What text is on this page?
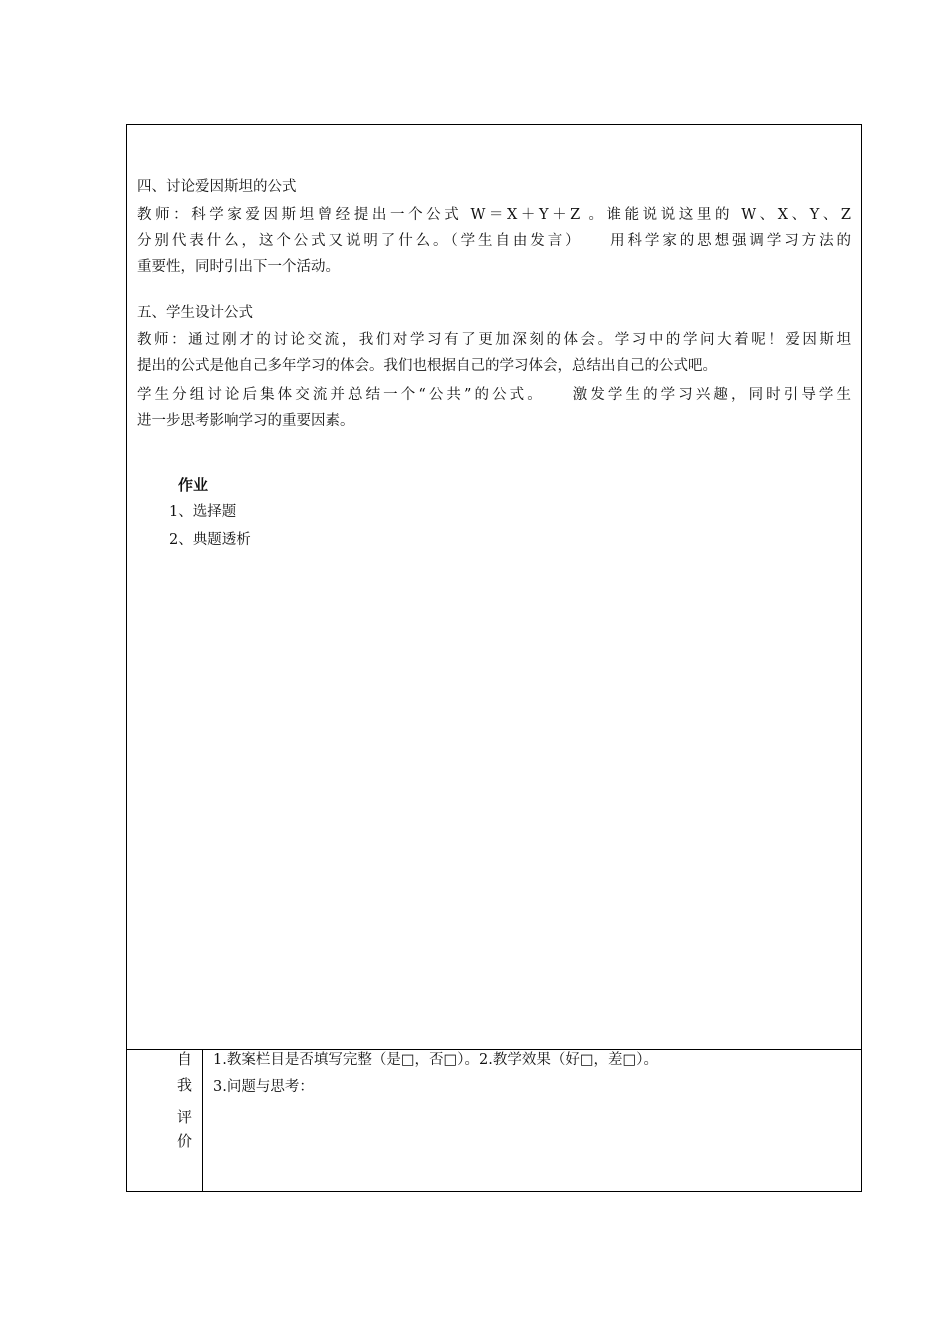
四、讨论爱因斯坦的公式
教师：科学家爱因斯坦曾经提出一个公式 W＝X＋Y＋Z 。谁能说说这里的 W、X、Y、Z
分别代表什么，这个公式又说明了什么。（学生自由发言）　　用科学家的思想强调学习方法的
重要性，同时引出下一个活动。
五、学生设计公式
教师：通过刚才的讨论交流，我们对学习有了更加深刻的体会。学习中的学问大着呢！爱因斯坦
提出的公式是他自己多年学习的体会。我们也根据自己的学习体会，总结出自己的公式吧。
学生分组讨论后集体交流并总结一个“公共”的公式。　　激发学生的学习兴趣，同时引导学生
进一步思考影响学习的重要因素。
作业
1、选择题
2、典题透析
自
我
评
价
1.教案栏目是否填写完整（是□，否□）。2.教学效果（好□，差□）。
3.问题与思考：
